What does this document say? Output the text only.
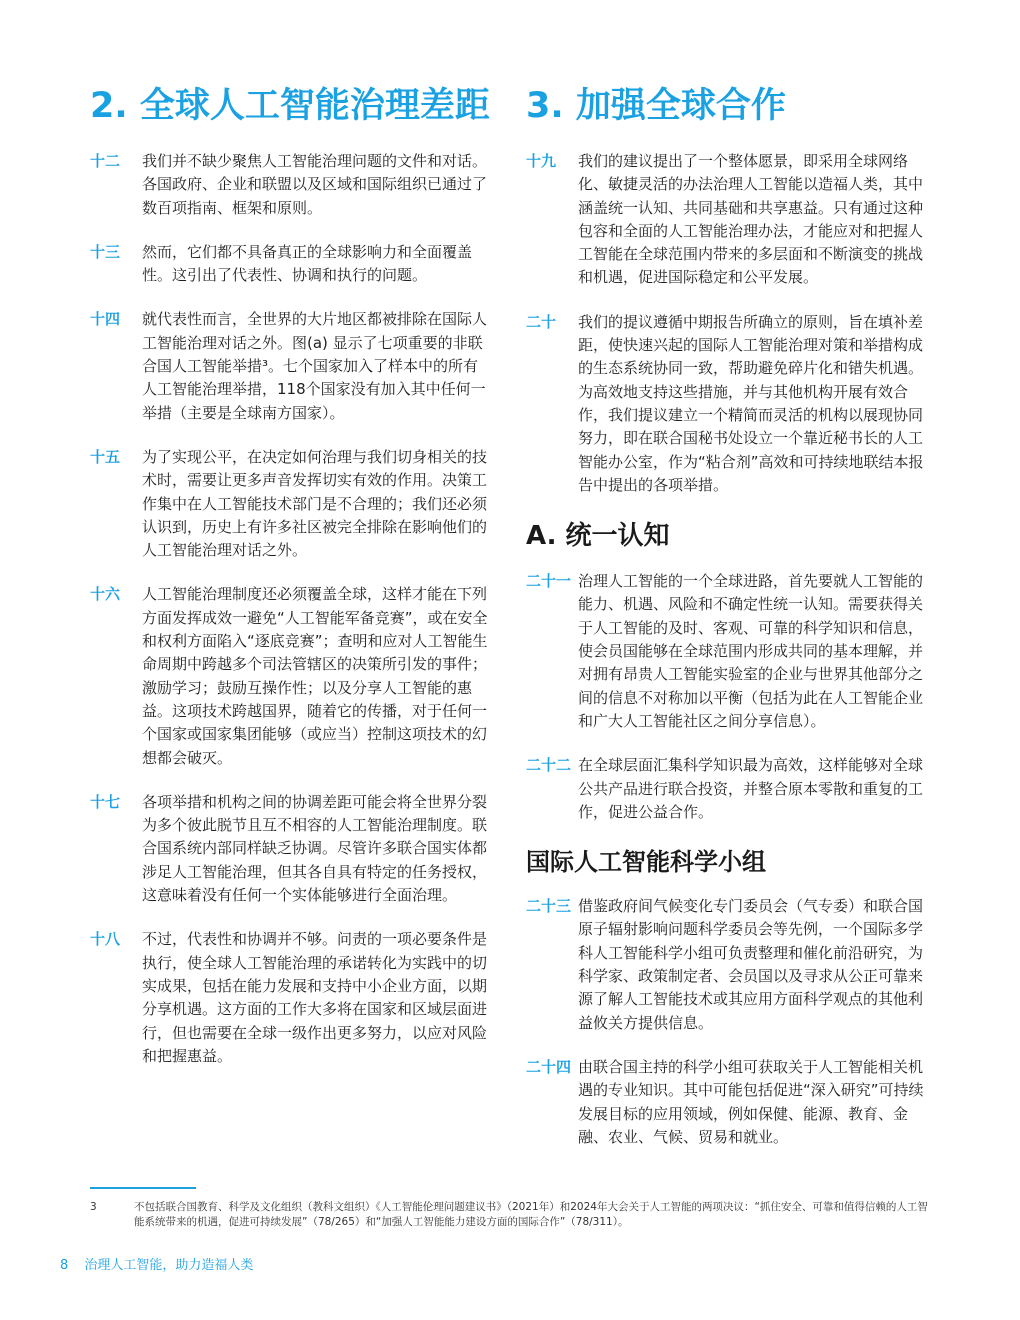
2. 全球人工智能治理差距
十二	我们并不缺少聚焦人工智能治理问题的文件和对话。各国政府、企业和联盟以及区域和国际组织已通过了数百项指南、框架和原则。
十三	然而，它们都不具备真正的全球影响力和全面覆盖性。这引出了代表性、协调和执行的问题。
十四	就代表性而言，全世界的大片地区都被排除在国际人工智能治理对话之外。图(a) 显示了七项重要的非联合国人工智能举措³。七个国家加入了样本中的所有人工智能治理举措，118个国家没有加入其中任何一举措（主要是全球南方国家）。
十五	为了实现公平，在决定如何治理与我们切身相关的技术时，需要让更多声音发挥切实有效的作用。决策工作集中在人工智能技术部门是不合理的；我们还必须认识到，历史上有许多社区被完全排除在影响他们的人工智能治理对话之外。
十六	人工智能治理制度还必须覆盖全球，这样才能在下列方面发挥成效一避免“人工智能军备竞赛”，或在安全和权利方面陷入“逐底竞赛”；查明和应对人工智能生命周期中跨越多个司法管辖区的决策所引发的事件；激励学习；鼓励互操作性；以及分享人工智能的惠益。这项技术跨越国界，随着它的传播，对于任何一个国家或国家集团能够（或应当）控制这项技术的幻想都会破灭。
十七	各项举措和机构之间的协调差距可能会将全世界分裂为多个彼此脱节且互不相容的人工智能治理制度。联合国系统内部同样缺乏协调。尽管许多联合国实体都涉足人工智能治理，但其各自具有特定的任务授权，这意味着没有任何一个实体能够进行全面治理。
十八	不过，代表性和协调并不够。问责的一项必要条件是执行，使全球人工智能治理的承诺转化为实践中的切实成果，包括在能力发展和支持中小企业方面，以期分享机遇。这方面的工作大多将在国家和区域层面进行，但也需要在全球一级作出更多努力，以应对风险和把握惠益。
3. 加强全球合作
十九	我们的建议提出了一个整体愿景，即采用全球网络化、敏捷灵活的办法治理人工智能以造福人类，其中涵盖统一认知、共同基础和共享惠益。只有通过这种包容和全面的人工智能治理办法，才能应对和把握人工智能在全球范围内带来的多层面和不断演变的挑战和机遇，促进国际稳定和公平发展。
二十	我们的提议遵循中期报告所确立的原则，旨在填补差距，使快速兴起的国际人工智能治理对策和举措构成的生态系统协同一致，帮助避免碎片化和错失机遇。为高效地支持这些措施，并与其他机构开展有效合作，我们提议建立一个精简而灵活的机构以展现协同努力，即在联合国秘书处设立一个靠近秘书长的人工智能办公室，作为“粘合剂”高效和可持续地联结本报告中提出的各项举措。
A. 统一认知
二十一 治理人工智能的一个全球进路，首先要就人工智能的能力、机遇、风险和不确定性统一认知。需要获得关于人工智能的及时、客观、可靠的科学知识和信息，使会员国能够在全球范围内形成共同的基本理解，并对拥有昂贵人工智能实验室的企业与世界其他部分之间的信息不对称加以平衡（包括为此在人工智能企业和广大人工智能社区之间分享信息）。
二十二 在全球层面汇集科学知识最为高效，这样能够对全球公共产品进行联合投资，并整合原本零散和重复的工作，促进公益合作。
国际人工智能科学小组
二十三 借鉴政府间气候变化专门委员会（气专委）和联合国原子辐射影响问题科学委员会等先例，一个国际多学科人工智能科学小组可负责整理和催化前沿研究，为科学家、政策制定者、会员国以及寻求从公正可靠来源了解人工智能技术或其应用方面科学观点的其他利益攸关方提供信息。
二十四 由联合国主持的科学小组可获取关于人工智能相关机遇的专业知识。其中可能包括促进“深入研究”可持续发展目标的应用领域，例如保健、能源、教育、金融、农业、气候、贸易和就业。
3	不包括联合国教育、科学及文化组织（教科文组织）《人工智能伦理问题建议书》（2021年）和2024年大会关于人工智能的两项决议：“抓住安全、可靠和值得信赖的人工智能系统带来的机遇，促进可持续发展”（78/265）和“加强人工智能能力建设方面的国际合作”（78/311）。
8 治理人工智能，助力造福人类
